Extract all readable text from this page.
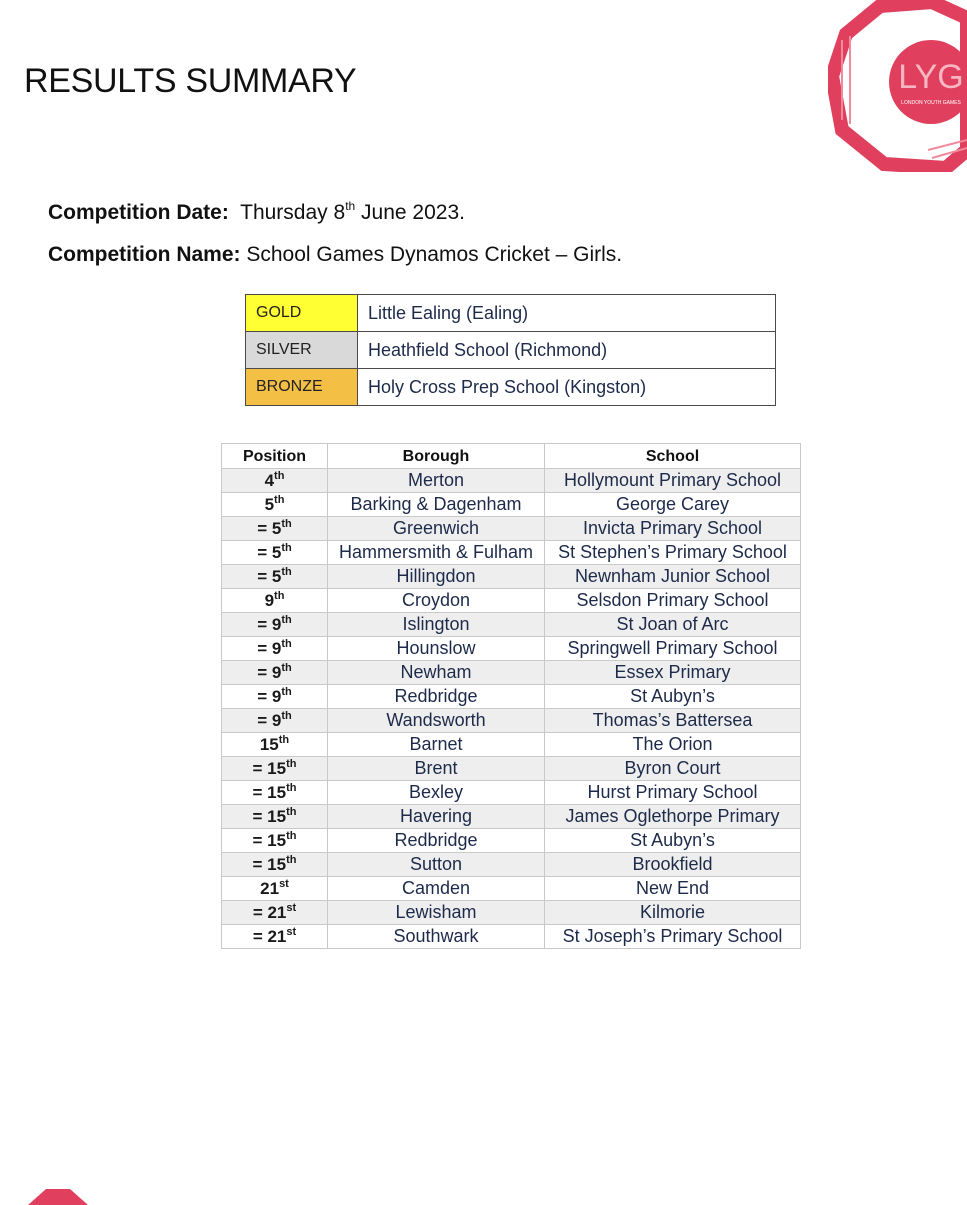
RESULTS SUMMARY	LYG
LONDON YOUTH GAMES
Competition Date: Thursday 8th June 2023.
Competition Name: School Games Dynamos Cricket – Girls.
GOLD	Little Ealing (Ealing)
SILVER	Heathfield School (Richmond)
BRONZE	Holy Cross Prep School (Kingston)
Position	Borough	School
4th	Merton	Hollymount Primary School
5th	Barking & Dagenham	George Carey
= 5th	Greenwich	Invicta Primary School
= 5th	Hammersmith & Fulham	St Stephen’s Primary School
= 5th	Hillingdon	Newnham Junior School
9th	Croydon	Selsdon Primary School
= 9th	Islington	St Joan of Arc
= 9th	Hounslow	Springwell Primary School
= 9th	Newham	Essex Primary
= 9th	Redbridge	St Aubyn’s
= 9th	Wandsworth	Thomas’s Battersea
15th	Barnet	The Orion
= 15th	Brent	Byron Court
= 15th	Bexley	Hurst Primary School
= 15th	Havering	James Oglethorpe Primary
= 15th	Redbridge	St Aubyn’s
= 15th	Sutton	Brookfield
21st	Camden	New End
= 21st	Lewisham	Kilmorie
= 21st	Southwark	St Joseph’s Primary School
